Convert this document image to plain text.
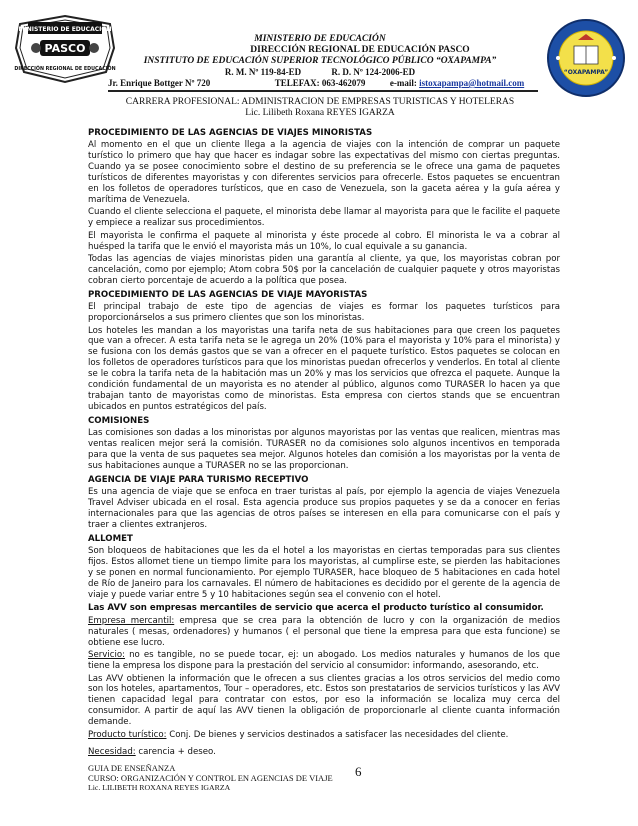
MINISTERIO DE EDUCACIÓN
PASCO
DIRECCIÓN REGIONAL DE EDUCACIÓN	“OXAPAMPA”
MINISTERIO DE EDUCACIÓN
DIRECCIÓN REGIONAL DE EDUCACIÓN PASCO
INSTITUTO DE EDUCACIÓN SUPERIOR TECNOLÓGICO PÚBLICO “OXAPAMPA”
R. M. Nº 119-84-ED	R. D. Nº 124-2006-ED
Jr. Enrique Bottger Nº 720	TELEFAX: 063-462079	e-mail: istoxapampa@hotmail.com
CARRERA PROFESIONAL: ADMINISTRACION DE EMPRESAS TURISTICAS Y HOTELERAS
Lic. Lilibeth Roxana REYES IGARZA
PROCEDIMIENTO DE LAS AGENCIAS DE VIAJES MINORISTAS

Al momento en el que un cliente llega a la agencia de viajes con la intención de comprar un paquete turístico lo primero que hay que hacer es indagar sobre las expectativas del mismo con ciertas preguntas. Cuando ya se posee conocimiento sobre el destino de su preferencia se le ofrece una gama de paquetes turísticos de diferentes mayoristas y con diferentes servicios para ofrecerle. Estos paquetes se encuentran en los folletos de operadores turísticos, que en caso de Venezuela, son la gaceta aérea y la guía aérea y marítima de Venezuela.

Cuando el cliente selecciona el paquete, el minorista debe llamar al mayorista para que le facilite el paquete y empiece a realizar sus procedimientos.

El mayorista le confirma el paquete al minorista y éste procede al cobro. El minorista le va a cobrar al huésped la tarifa que le envió el mayorista más un 10%, lo cual equivale a su ganancia.

Todas las agencias de viajes minoristas piden una garantía al cliente, ya que, los mayoristas cobran por cancelación, como por ejemplo; Atom cobra 50$ por la cancelación de cualquier paquete y otros mayoristas cobran cierto porcentaje de acuerdo a la política que posea.

PROCEDIMIENTO DE LAS AGENCIAS DE VIAJE MAYORISTAS

El principal trabajo de este tipo de agencias de viajes es formar los paquetes turísticos para proporcionárselos a sus primero clientes que son los minoristas.

Los hoteles les mandan a los mayoristas una tarifa neta de sus habitaciones para que creen los paquetes que van a ofrecer. A esta tarifa neta se le agrega un 20% (10% para el mayorista y 10% para el minorista) y se fusiona con los demás gastos que se van a ofrecer en el paquete turístico. Estos paquetes se colocan en los folletos de operadores turísticos para que los minoristas puedan ofrecerlos y venderlos. En total al cliente se le cobra la tarifa neta de la habitación mas un 20% y mas los servicios que ofrezca el paquete. Aunque la condición fundamental de un mayorista es no atender al público, algunos como TURASER lo hacen ya que trabajan tanto de mayoristas como de minoristas. Esta empresa con ciertos stands que se encuentran ubicados en puntos estratégicos del país.

COMISIONES

Las comisiones son dadas a los minoristas por algunos mayoristas por las ventas que realicen, mientras mas ventas realicen mejor será la comisión. TURASER no da comisiones solo algunos incentivos en temporada para que la venta de sus paquetes sea mejor. Algunos hoteles dan comisión a los mayoristas por la venta de sus habitaciones aunque a TURASER no se las proporcionan.

AGENCIA DE VIAJE PARA TURISMO RECEPTIVO

Es una agencia de viaje que se enfoca en traer turistas al país, por ejemplo la agencia de viajes Venezuela Travel Adviser ubicada en el rosal. Esta agencia produce sus propios paquetes y se da a conocer en ferias internacionales para que las agencias de otros países se interesen en ella para comunicarse con el país y traer a clientes extranjeros.

ALLOMET

Son bloqueos de habitaciones que les da el hotel a los mayoristas en ciertas temporadas para sus clientes fijos. Estos allomet tiene un tiempo limite para los mayoristas, al cumplirse este, se pierden las habitaciones y se ponen en normal funcionamiento. Por ejemplo TURASER, hace bloqueo de 5 habitaciones en cada hotel de Río de Janeiro para los carnavales. El número de habitaciones es decidido por el gerente de la agencia de viaje y puede variar entre 5 y 10 habitaciones según sea el convenio con el hotel.

Las AVV son empresas mercantiles de servicio que acerca el producto turístico al consumidor.

Empresa mercantil: empresa que se crea para la obtención de lucro y con la organización de medios naturales ( mesas, ordenadores) y humanos ( el personal que tiene la empresa para que esta funcione) se obtiene ese lucro.

Servicio: no es tangible, no se puede tocar, ej: un abogado. Los medios naturales y humanos de los que tiene la empresa los dispone para la prestación del servicio al consumidor: informando, asesorando, etc.

Las AVV obtienen la información que le ofrecen a sus clientes gracias a los otros servicios del medio como son los hoteles, apartamentos, Tour – operadores, etc. Estos son prestatarios de servicios turísticos y las AVV tienen capacidad legal para contratar con estos, por eso la información se localiza muy cerca del consumidor. A partir de aquí las AVV tienen la obligación de proporcionarle al cliente cuanta información demande.

Producto turístico: Conj. De bienes y servicios destinados a satisfacer las necesidades del cliente.

Necesidad: carencia + deseo.

GUIA DE ENSEÑANZA
CURSO: ORGANIZACIÓN Y CONTROL EN AGENCIAS DE VIAJE
Lic. LILIBETH ROXANA REYES IGARZA
6
